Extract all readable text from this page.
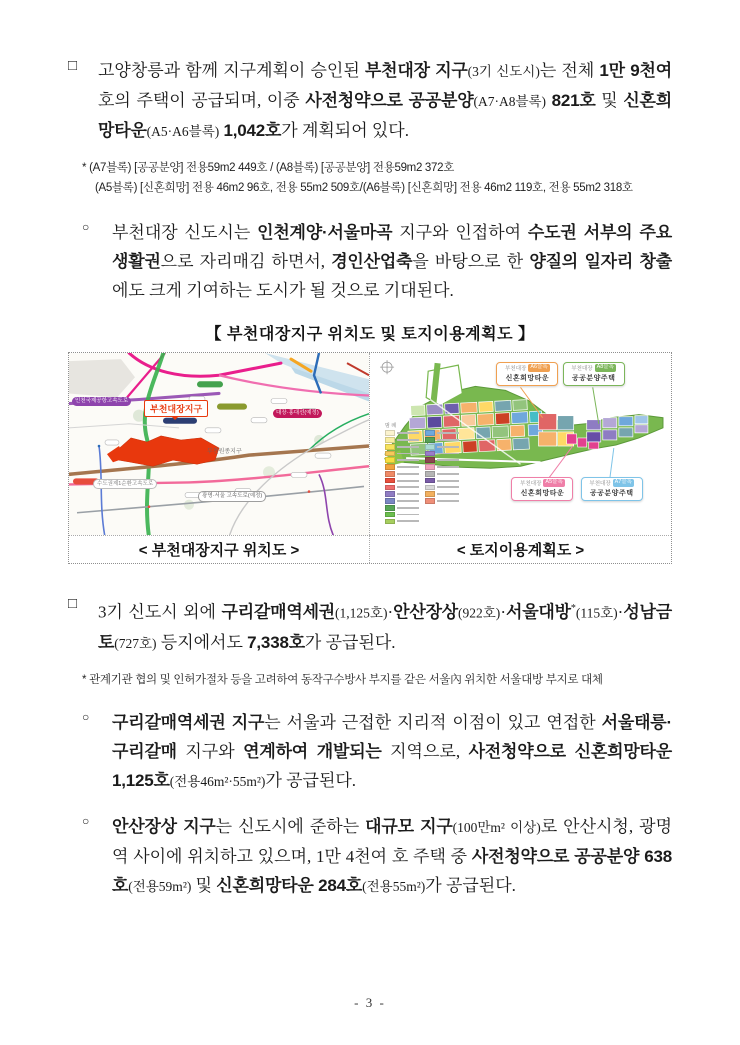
□	고양창릉과 함께 지구계획이 승인된 부천대장 지구(3기 신도시)는 전체 1만 9천여 호의 주택이 공급되며, 이중 사전청약으로 공공분양(A7·A8블록) 821호 및 신혼희망타운(A5·A6블록) 1,042호가 계획되어 있다.
* (A7블록) [공공분양] 전용59m2 449호 / (A8블록) [공공분양] 전용59m2 372호
(A5블록) [신혼희망] 전용 46m2 96호, 전용 55m2 509호/(A6블록) [신혼희망] 전용 46m2 119호, 전용 55m2 318호
○	부천대장 신도시는 인천계양·서울마곡 지구와 인접하여 수도권 서부의 주요 생활권으로 자리매김 하면서, 경인산업축을 바탕으로 한 양질의 일자리 창출에도 크게 기여하는 도시가 될 것으로 기대된다.
【 부천대장지구 위치도 및 토지이용계획도 】
부천대장지구
인천국제공항고속도로
대장·홍대선(예정)
광명·서울 고속도로(예정)
수도권제1순환고속도로
부천원종지구
부천대장 A6블록
신혼희망타운
부천대장 A8블록
공공분양주택
부천대장 A5블록
신혼희망타운
부천대장 A7블록
공공분양주택
범 례
< 부천대장지구 위치도 >	< 토지이용계획도 >
□	3기 신도시 외에 구리갈매역세권(1,125호)·안산장상(922호)·서울대방*(115호)·성남금토(727호) 등지에서도 7,338호가 공급된다.
* 관계기관 협의 및 인허가절차 등을 고려하여 동작구수방사 부지를 같은 서울內 위치한 서울대방 부지로 대체
○	구리갈매역세권 지구는 서울과 근접한 지리적 이점이 있고 연접한 서울태릉·구리갈매 지구와 연계하여 개발되는 지역으로, 사전청약으로 신혼희망타운 1,125호(전용46m²·55m²)가 공급된다.
○	안산장상 지구는 신도시에 준하는 대규모 지구(100만m² 이상)로 안산시청, 광명역 사이에 위치하고 있으며, 1만 4천여 호 주택 중 사전청약으로 공공분양 638호(전용59m²) 및 신혼희망타운 284호(전용55m²)가 공급된다.
- 3 -
